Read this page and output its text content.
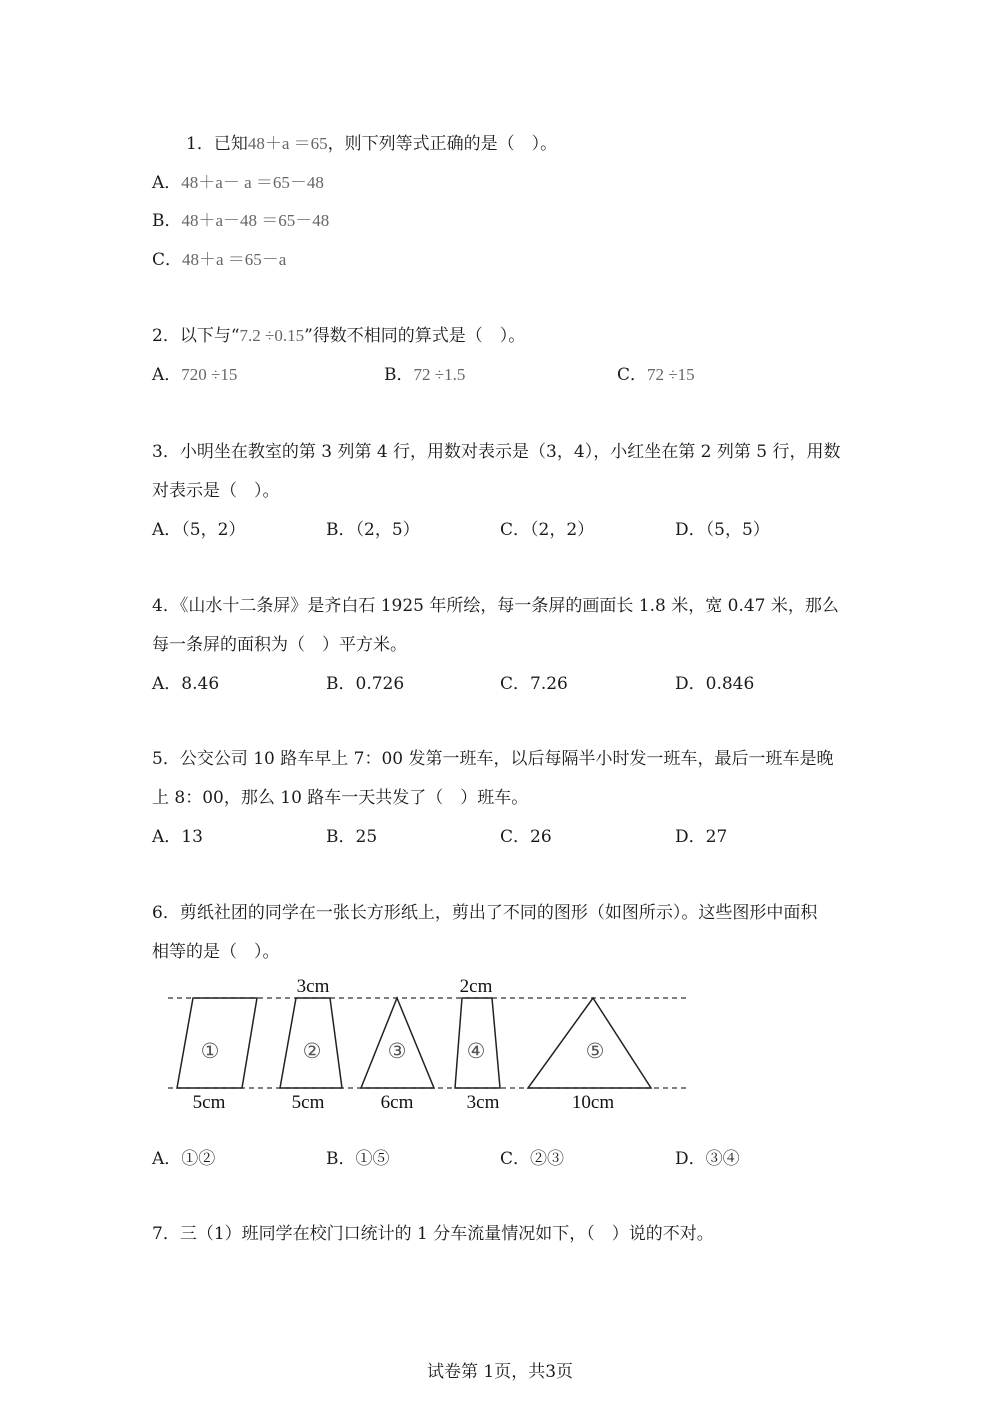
1．已知48＋a ＝65，则下列等式正确的是（　）。
A．48＋a－ a ＝65－48
B．48＋a－48 ＝65－48
C．48＋a ＝65－a
2．以下与“7.2 ÷0.15”得数不相同的算式是（　）。
A．720 ÷15	B．72 ÷1.5	C．72 ÷15
3．小明坐在教室的第 3 列第 4 行，用数对表示是（3，4），小红坐在第 2 列第 5 行，用数
对表示是（　）。
A．（5，2）	B．（2，5）	C．（2，2）	D．（5，5）
4．《山水十二条屏》是齐白石 1925 年所绘，每一条屏的画面长 1.8 米，宽 0.47 米，那么
每一条屏的面积为（　）平方米。
A．8.46	B．0.726	C．7.26	D．0.846
5．公交公司 10 路车早上 7：00 发第一班车，以后每隔半小时发一班车，最后一班车是晚
上 8：00，那么 10 路车一天共发了（　）班车。
A．13	B．25	C．26	D．27
6．剪纸社团的同学在一张长方形纸上，剪出了不同的图形（如图所示）。这些图形中面积
相等的是（　）。
①	②	③	④	⑤
3cm	2cm
5cm	5cm	6cm	3cm	10cm
A．①②	B．①⑤	C．②③	D．③④
7．三（1）班同学在校门口统计的 1 分车流量情况如下，（　）说的不对。
试卷第 1页，共3页
